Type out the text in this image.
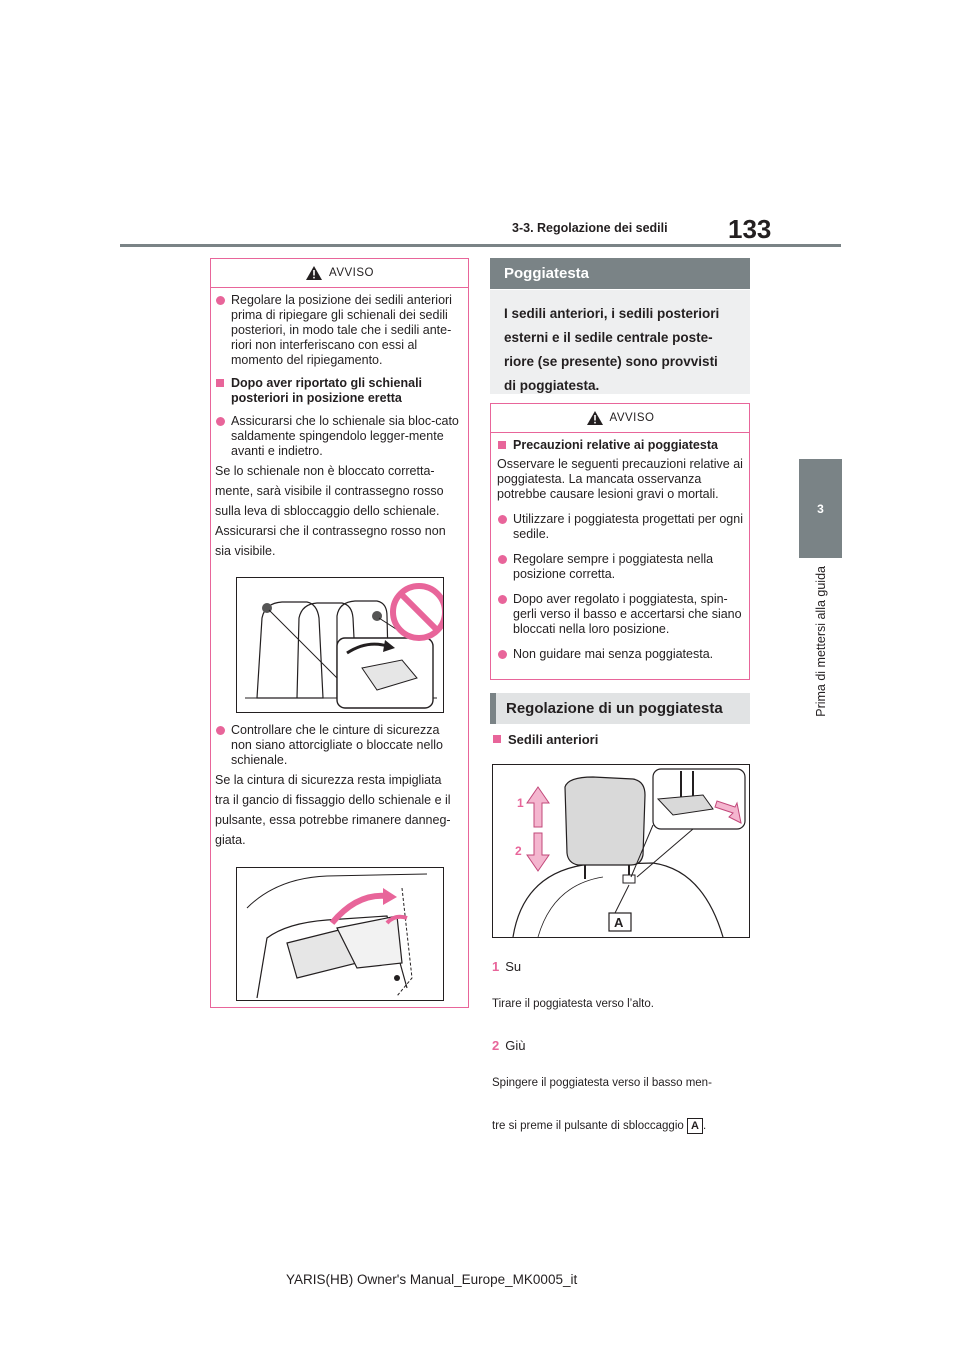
3-3. Regolazione dei sedili 133
3
Prima di mettersi alla guida
AVVISO

Regolare la posizione dei sedili anteriori prima di ripiegare gli schienali dei sedili posteriori, in modo tale che i sedili ante-riori non interferiscano con essi al momento del ripiegamento.

Dopo aver riportato gli schienali posteriori in posizione eretta

Assicurarsi che lo schienale sia bloc-cato saldamente spingendolo legger-mente avanti e indietro.

Se lo schienale non è bloccato corretta-

mente, sarà visibile il contrassegno rosso

sulla leva di sbloccaggio dello schienale.

Assicurarsi che il contrassegno rosso non

sia visibile.

Controllare che le cinture di sicurezza non siano attorcigliate o bloccate nello schienale.

Se la cintura di sicurezza resta impigliata

tra il gancio di fissaggio dello schienale e il

pulsante, essa potrebbe rimanere danneg-

giata.

Poggiatesta
I sedili anteriori, i sedili posteriori
esterni e il sedile centrale poste-
riore (se presente) sono provvisti
di poggiatesta.
AVVISO

Precauzioni relative ai poggiatesta

Osservare le seguenti precauzioni relative ai poggiatesta. La mancata osservanza potrebbe causare lesioni gravi o mortali.

Utilizzare i poggiatesta progettati per ogni sedile.

Regolare sempre i poggiatesta nella posizione corretta.

Dopo aver regolato i poggiatesta, spin-gerli verso il basso e accertarsi che siano bloccati nella loro posizione.

Non guidare mai senza poggiatesta.

Regolazione di un poggiatesta
Sedili anteriori
1
2
A
1 Su
Tirare il poggiatesta verso l’alto.
2 Giù
Spingere il poggiatesta verso il basso men-
tre si preme il pulsante di sbloccaggio A .
YARIS(HB) Owner's Manual_Europe_MK0005_it
